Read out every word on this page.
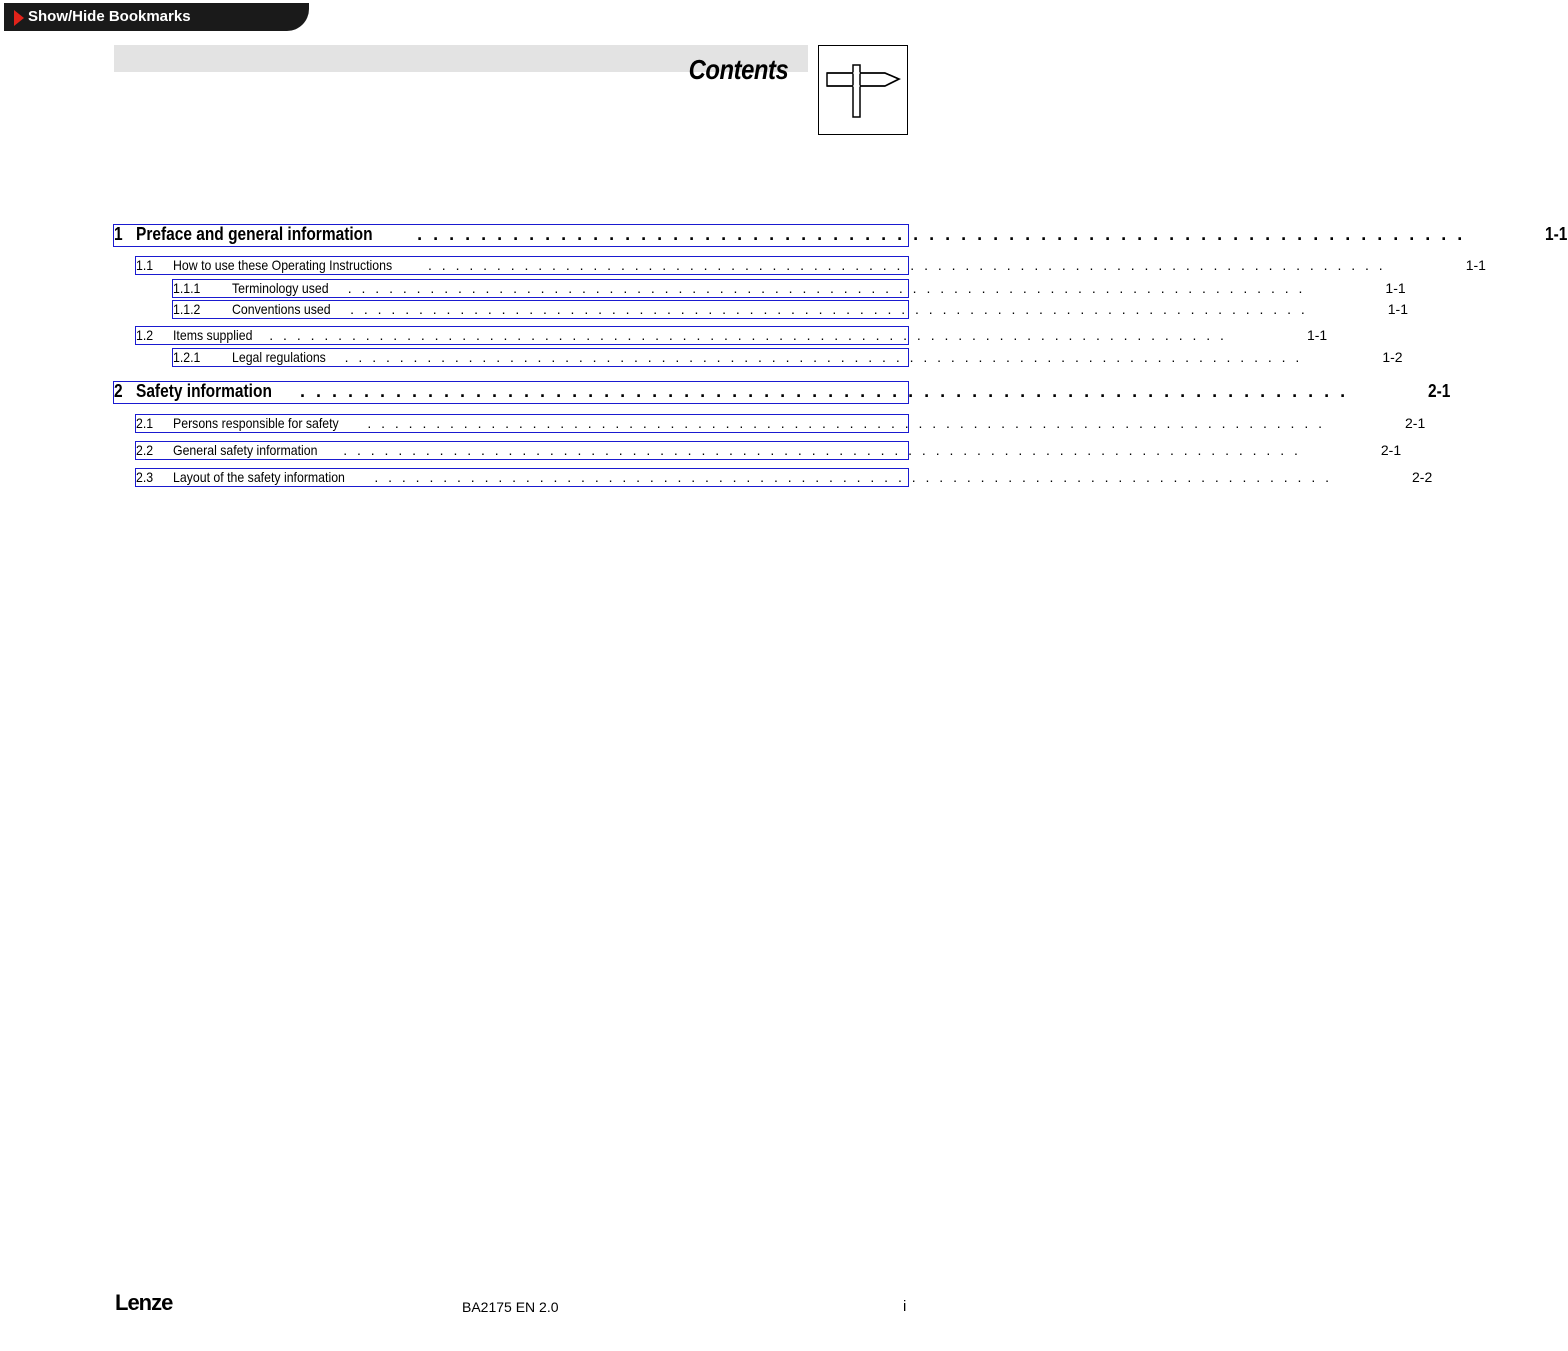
Show/Hide Bookmarks
Contents
1 Preface and general information . . . . . . . . . . . . . . . . . . . . . . . . . . . . . . . . . . . . . . . . . . . . . . . . . . . . . . . . . . . . . . . . . .	1-1
1.1	How to use these Operating Instructions	. . . . . . . . . . . . . . . . . . . . . . . . . . . . . . . . . . . . . . . . . . . . . . . . . . . . . . . . . . . . . . . . . . . . . .	1-1
1.1.1	Terminology used . . . . . . . . . . . . . . . . . . . . . . . . . . . . . . . . . . . . . . . . . . . . . . . . . . . . . . . . . . . . . . . . . . . . . .	1-1
1.1.2	Conventions used . . . . . . . . . . . . . . . . . . . . . . . . . . . . . . . . . . . . . . . . . . . . . . . . . . . . . . . . . . . . . . . . . . . . . .	1-1
1.2	Items supplied . . . . . . . . . . . . . . . . . . . . . . . . . . . . . . . . . . . . . . . . . . . . . . . . . . . . . . . . . . . . . . . . . . . . . .	1-1
1.2.1	Legal regulations . . . . . . . . . . . . . . . . . . . . . . . . . . . . . . . . . . . . . . . . . . . . . . . . . . . . . . . . . . . . . . . . . . . . . .	1-2
2 Safety information . . . . . . . . . . . . . . . . . . . . . . . . . . . . . . . . . . . . . . . . . . . . . . . . . . . . . . . . . . . . . . . . . .	2-1
2.1	Persons responsible for safety . . . . . . . . . . . . . . . . . . . . . . . . . . . . . . . . . . . . . . . . . . . . . . . . . . . . . . . . . . . . . . . . . . . . . .	2-1
2.2	General safety information . . . . . . . . . . . . . . . . . . . . . . . . . . . . . . . . . . . . . . . . . . . . . . . . . . . . . . . . . . . . . . . . . . . . . .	2-1
2.3	Layout of the safety information . . . . . . . . . . . . . . . . . . . . . . . . . . . . . . . . . . . . . . . . . . . . . . . . . . . . . . . . . . . . . . . . . . . . . .	2-2
Lenze	BA2175 EN 2.0	i
